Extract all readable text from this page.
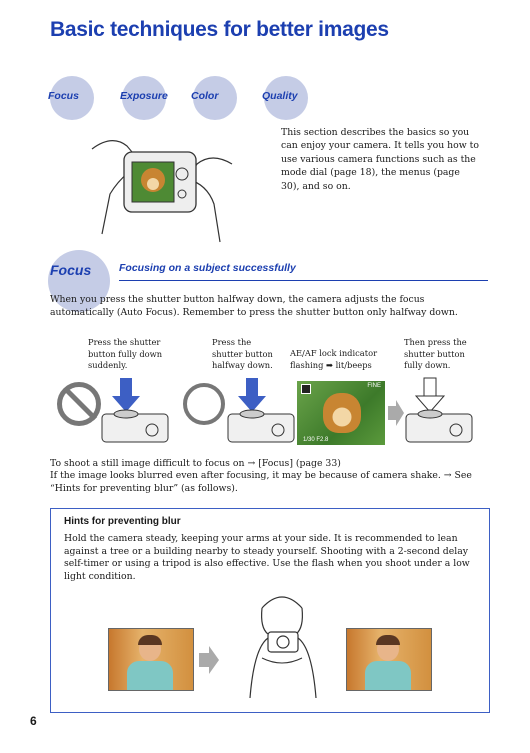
Basic techniques for better images
Focus	Exposure Color	Quality
This section describes the basics so you can enjoy your camera. It tells you how to use various camera functions such as the mode dial (page 18), the menus (page 30), and so on.
Focus	Focusing on a subject successfully
When you press the shutter button halfway down, the camera adjusts the focus automatically (Auto Focus). Remember to press the shutter button only halfway down.
Press the shutter button fully down suddenly.
Press the shutter button halfway down.
AE/AF lock indicator
flashing ➡ lit/beeps
Then press the shutter button fully down.
FINE
1/30 F2.8
To shoot a still image difficult to focus on → [Focus] (page 33)
If the image looks blurred even after focusing, it may be because of camera shake. → See “Hints for preventing blur” (as follows).
Hints for preventing blur
Hold the camera steady, keeping your arms at your side. It is recommended to lean against a tree or a building nearby to steady yourself. Shooting with a 2-second delay self-timer or using a tripod is also effective. Use the flash when you shoot under a low light condition.
6
